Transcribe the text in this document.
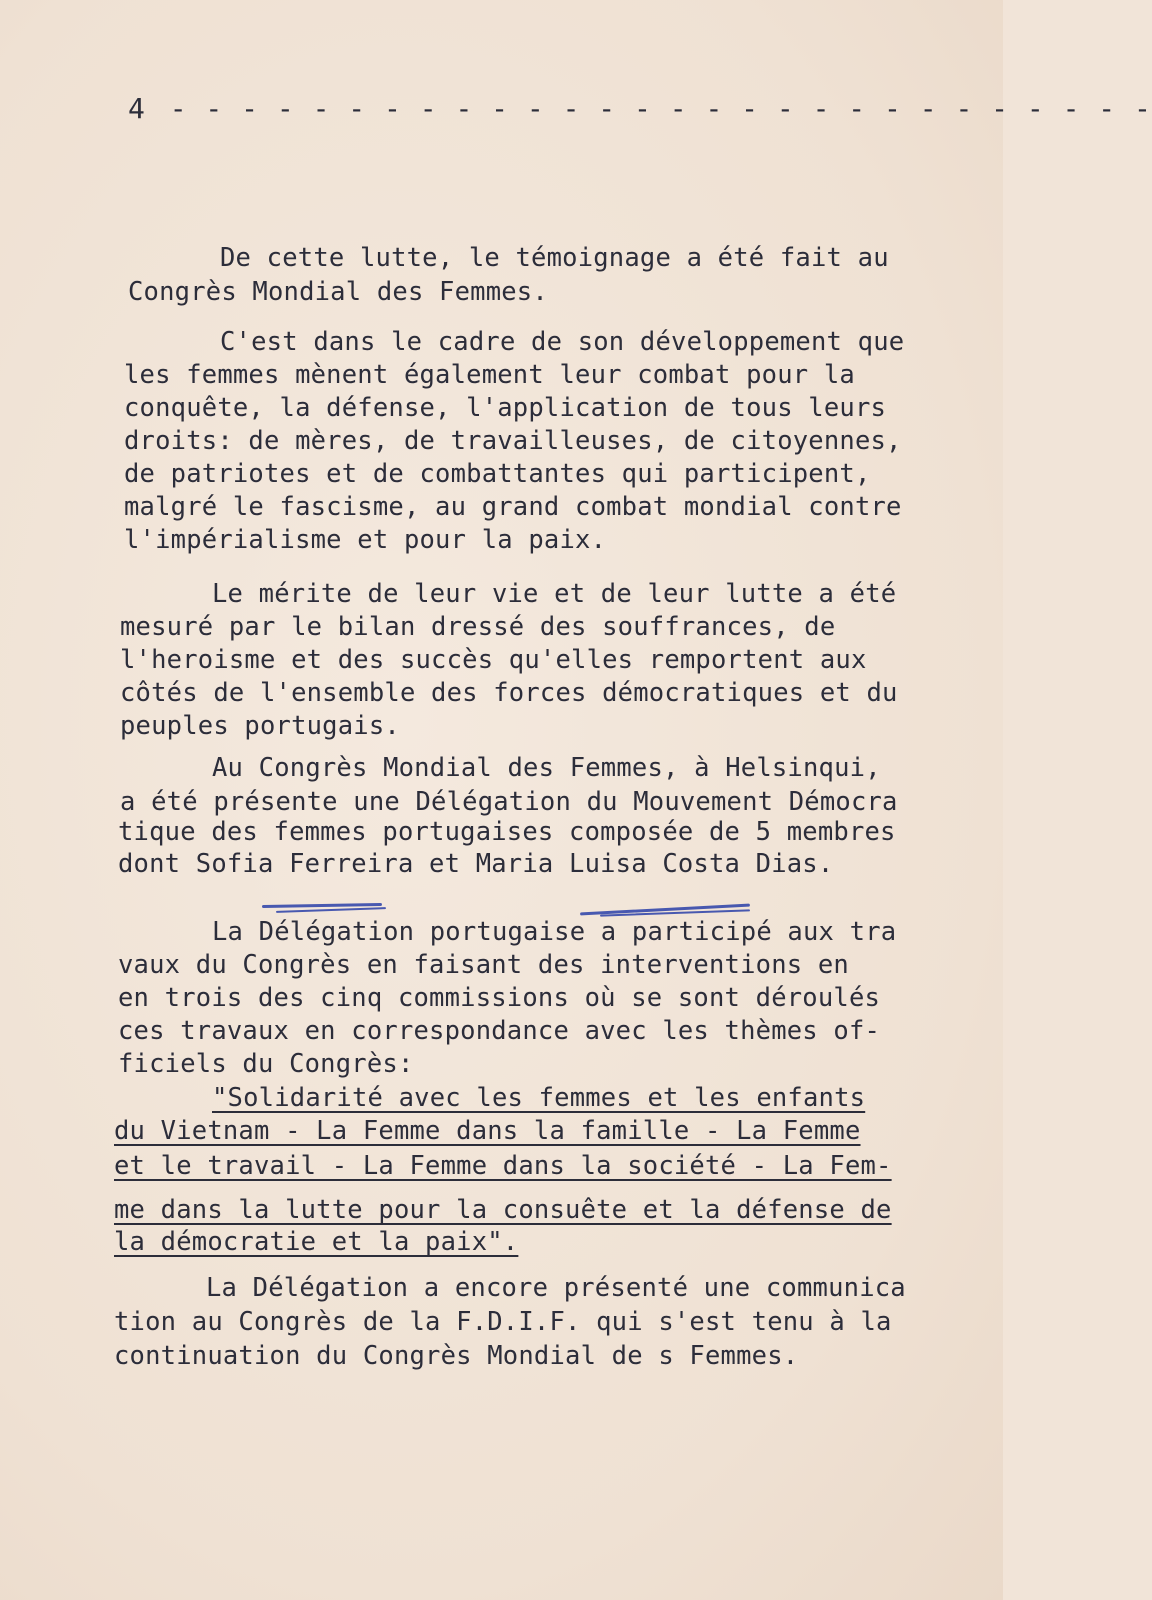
4 - - - - - - - - - - - - - - - - - - - - - - - - - - - -
De cette lutte, le témoignage a été fait au
Congrès Mondial des Femmes.
C'est dans le cadre de son développement que
les femmes mènent également leur combat pour la
conquête, la défense, l'application de tous leurs
droits: de mères, de travailleuses, de citoyennes,
de patriotes et de combattantes qui participent,
malgré le fascisme, au grand combat mondial contre
l'impérialisme et pour la paix.
Le mérite de leur vie et de leur lutte a été
mesuré par le bilan dressé des souffrances, de
l'heroisme et des succès qu'elles remportent aux
côtés de l'ensemble des forces démocratiques et du
peuples portugais.
Au Congrès Mondial des Femmes, à Helsinqui,
a été présente une Délégation du Mouvement Démocra
tique des femmes portugaises composée de 5 membres
dont Sofia Ferreira et Maria Luisa Costa Dias.
La Délégation portugaise a participé aux tra
vaux du Congrès en faisant des interventions en
en trois des cinq commissions où se sont déroulés
ces travaux en correspondance avec les thèmes of-
ficiels du Congrès:
"Solidarité avec les femmes et les enfants
du Vietnam - La Femme dans la famille - La Femme
et le travail - La Femme dans la société - La Fem-
me dans la lutte pour la consuête et la défense de
la démocratie et la paix".
La Délégation a encore présenté une communica
tion au Congrès de la F.D.I.F. qui s'est tenu à la
continuation du Congrès Mondial de s Femmes.
